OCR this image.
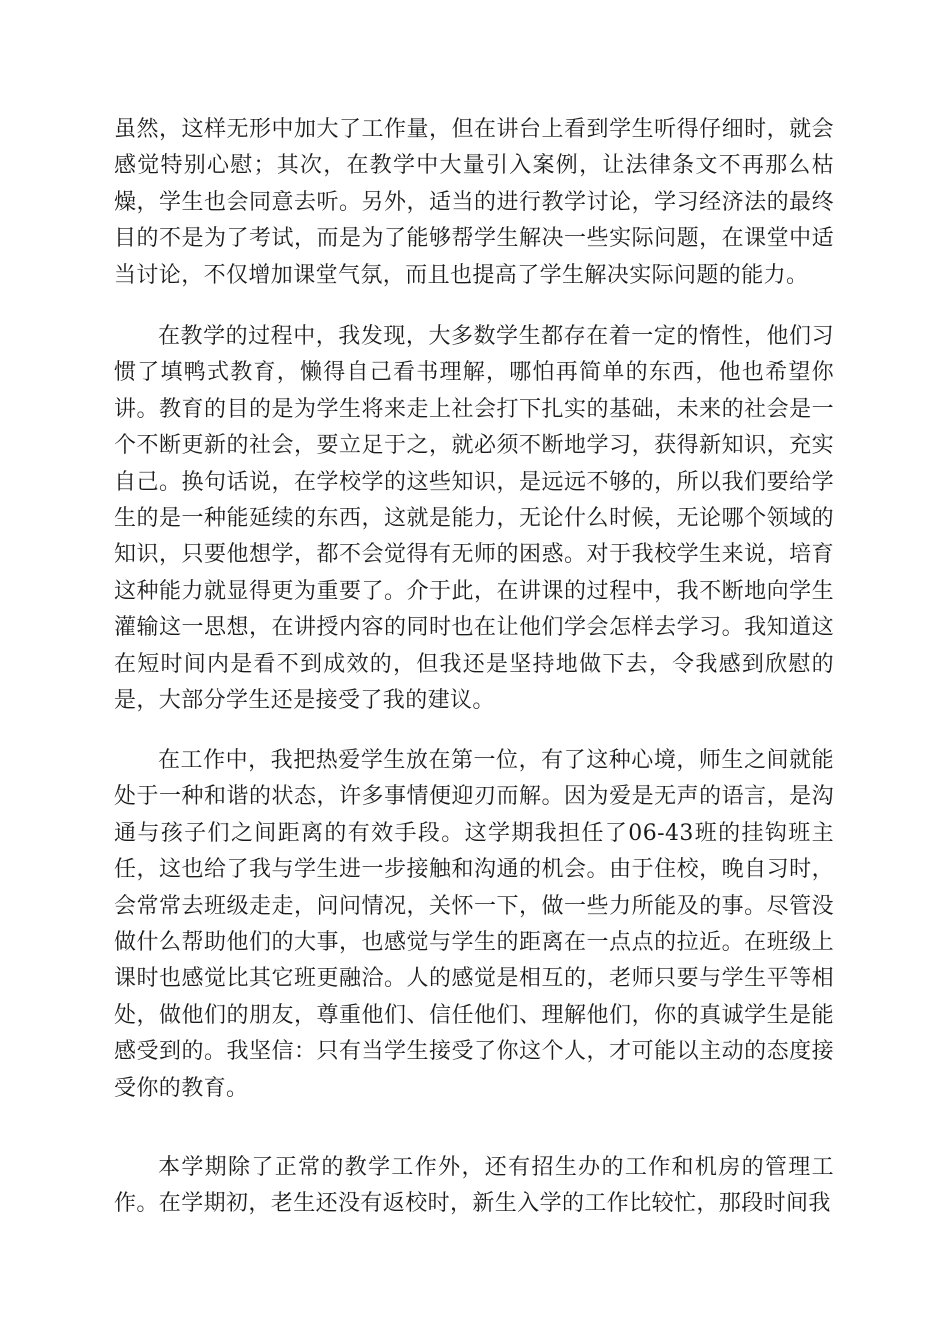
虽然，这样无形中加大了工作量，但在讲台上看到学生听得仔细时，就会感觉特别心慰；其次，在教学中大量引入案例，让法律条文不再那么枯燥，学生也会同意去听。另外，适当的进行教学讨论，学习经济法的最终目的不是为了考试，而是为了能够帮学生解决一些实际问题，在课堂中适当讨论，不仅增加课堂气氛，而且也提高了学生解决实际问题的能力。

在教学的过程中，我发现，大多数学生都存在着一定的惰性，他们习惯了填鸭式教育，懒得自己看书理解，哪怕再简单的东西，他也希望你讲。教育的目的是为学生将来走上社会打下扎实的基础，未来的社会是一个不断更新的社会，要立足于之，就必须不断地学习，获得新知识，充实自己。换句话说，在学校学的这些知识，是远远不够的，所以我们要给学生的是一种能延续的东西，这就是能力，无论什么时候，无论哪个领域的知识，只要他想学，都不会觉得有无师的困惑。对于我校学生来说，培育这种能力就显得更为重要了。介于此，在讲课的过程中，我不断地向学生灌输这一思想，在讲授内容的同时也在让他们学会怎样去学习。我知道这在短时间内是看不到成效的，但我还是坚持地做下去，令我感到欣慰的是，大部分学生还是接受了我的建议。

在工作中，我把热爱学生放在第一位，有了这种心境，师生之间就能处于一种和谐的状态，许多事情便迎刃而解。因为爱是无声的语言，是沟通与孩子们之间距离的有效手段。这学期我担任了06-43班的挂钩班主任，这也给了我与学生进一步接触和沟通的机会。由于住校，晚自习时，会常常去班级走走，问问情况，关怀一下，做一些力所能及的事。尽管没做什么帮助他们的大事，也感觉与学生的距离在一点点的拉近。在班级上课时也感觉比其它班更融洽。人的感觉是相互的，老师只要与学生平等相处，做他们的朋友，尊重他们、信任他们、理解他们，你的真诚学生是能感受到的。我坚信：只有当学生接受了你这个人，才可能以主动的态度接受你的教育。

本学期除了正常的教学工作外，还有招生办的工作和机房的管理工作。在学期初，老生还没有返校时，新生入学的工作比较忙，那段时间我
